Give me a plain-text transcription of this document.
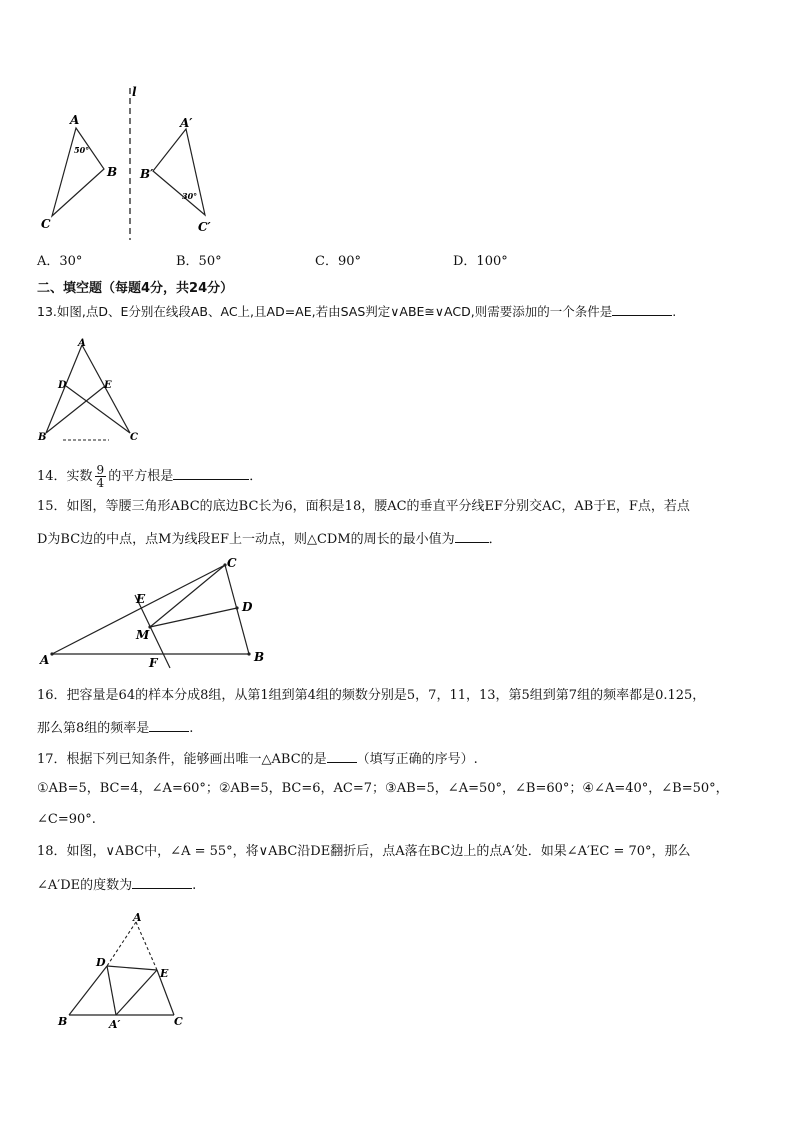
l
A
B
C
50°
A′
B′
C′
30°
A．30°	B．50°	C．90°	D．100°
二、填空题（每题4分，共24分）
13.如图,点D、E分别在线段AB、AC上,且AD=AE,若由SAS判定∨ABE≅∨ACD,则需要添加的一个条件是	.
A
D	E
B	C
14．实数 $\frac{9}{4}$ 的平方根是	．
15．如图，等腰三角形ABC的底边BC长为6，面积是18，腰AC的垂直平分线EF分别交AC，AB于E，F点，若点
D为BC边的中点，点M为线段EF上一动点，则△CDM的周长的最小值为	．
A	B
C
D
E
F
M
16．把容量是64的样本分成8组，从第1组到第4组的频数分别是5，7，11，13，第5组到第7组的频率都是0.125，
那么第8组的频率是	.
17．根据下列已知条件，能够画出唯一△ABC的是 （填写正确的序号）.
①AB=5，BC=4，∠A=60°；②AB=5，BC=6，AC=7；③AB=5，∠A=50°，∠B=60°；④∠A=40°，∠B=50°，
∠C=90°.
18．如图，∨ABC中，∠A = 55°，将∨ABC沿DE翻折后，点A落在BC边上的点A′处．如果∠A′EC = 70°，那么
∠A′DE的度数为	.
A
D
E
B	A′	C
